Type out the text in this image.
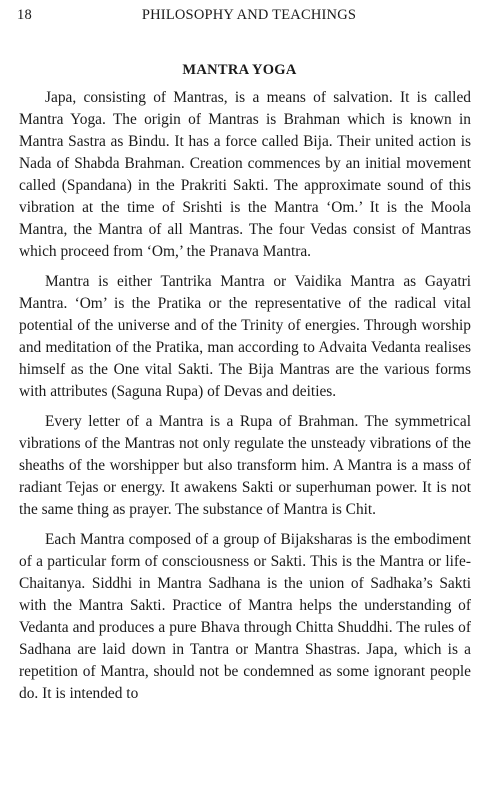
18	PHILOSOPHY AND TEACHINGS
MANTRA YOGA

Japa, consisting of Mantras, is a means of salvation. It is called Mantra Yoga. The origin of Mantras is Brahman which is known in Mantra Sastra as Bindu. It has a force called Bija. Their united action is Nada of Shabda Brahman. Creation commences by an initial movement called (Spandana) in the Prakriti Sakti. The approximate sound of this vibration at the time of Srishti is the Mantra ‘Om.’ It is the Moola Mantra, the Mantra of all Mantras. The four Vedas consist of Mantras which proceed from ‘Om,’ the Pranava Mantra.

Mantra is either Tantrika Mantra or Vaidika Mantra as Gayatri Mantra. ‘Om’ is the Pratika or the representative of the radical vital potential of the universe and of the Trinity of energies. Through worship and meditation of the Pratika, man according to Advaita Vedanta realises himself as the One vital Sakti. The Bija Mantras are the various forms with attributes (Saguna Rupa) of Devas and deities.

Every letter of a Mantra is a Rupa of Brahman. The symmetrical vibrations of the Mantras not only regulate the unsteady vibrations of the sheaths of the worshipper but also transform him. A Mantra is a mass of radiant Tejas or energy. It awakens Sakti or superhuman power. It is not the same thing as prayer. The substance of Mantra is Chit.

Each Mantra composed of a group of Bijaksharas is the embodiment of a particular form of consciousness or Sakti. This is the Mantra or life-Chaitanya. Siddhi in Mantra Sadhana is the union of Sadhaka’s Sakti with the Mantra Sakti. Practice of Mantra helps the understanding of Vedanta and produces a pure Bhava through Chitta Shuddhi. The rules of Sadhana are laid down in Tantra or Mantra Shastras. Japa, which is a repetition of Mantra, should not be condemned as some ignorant people do. It is intended to
